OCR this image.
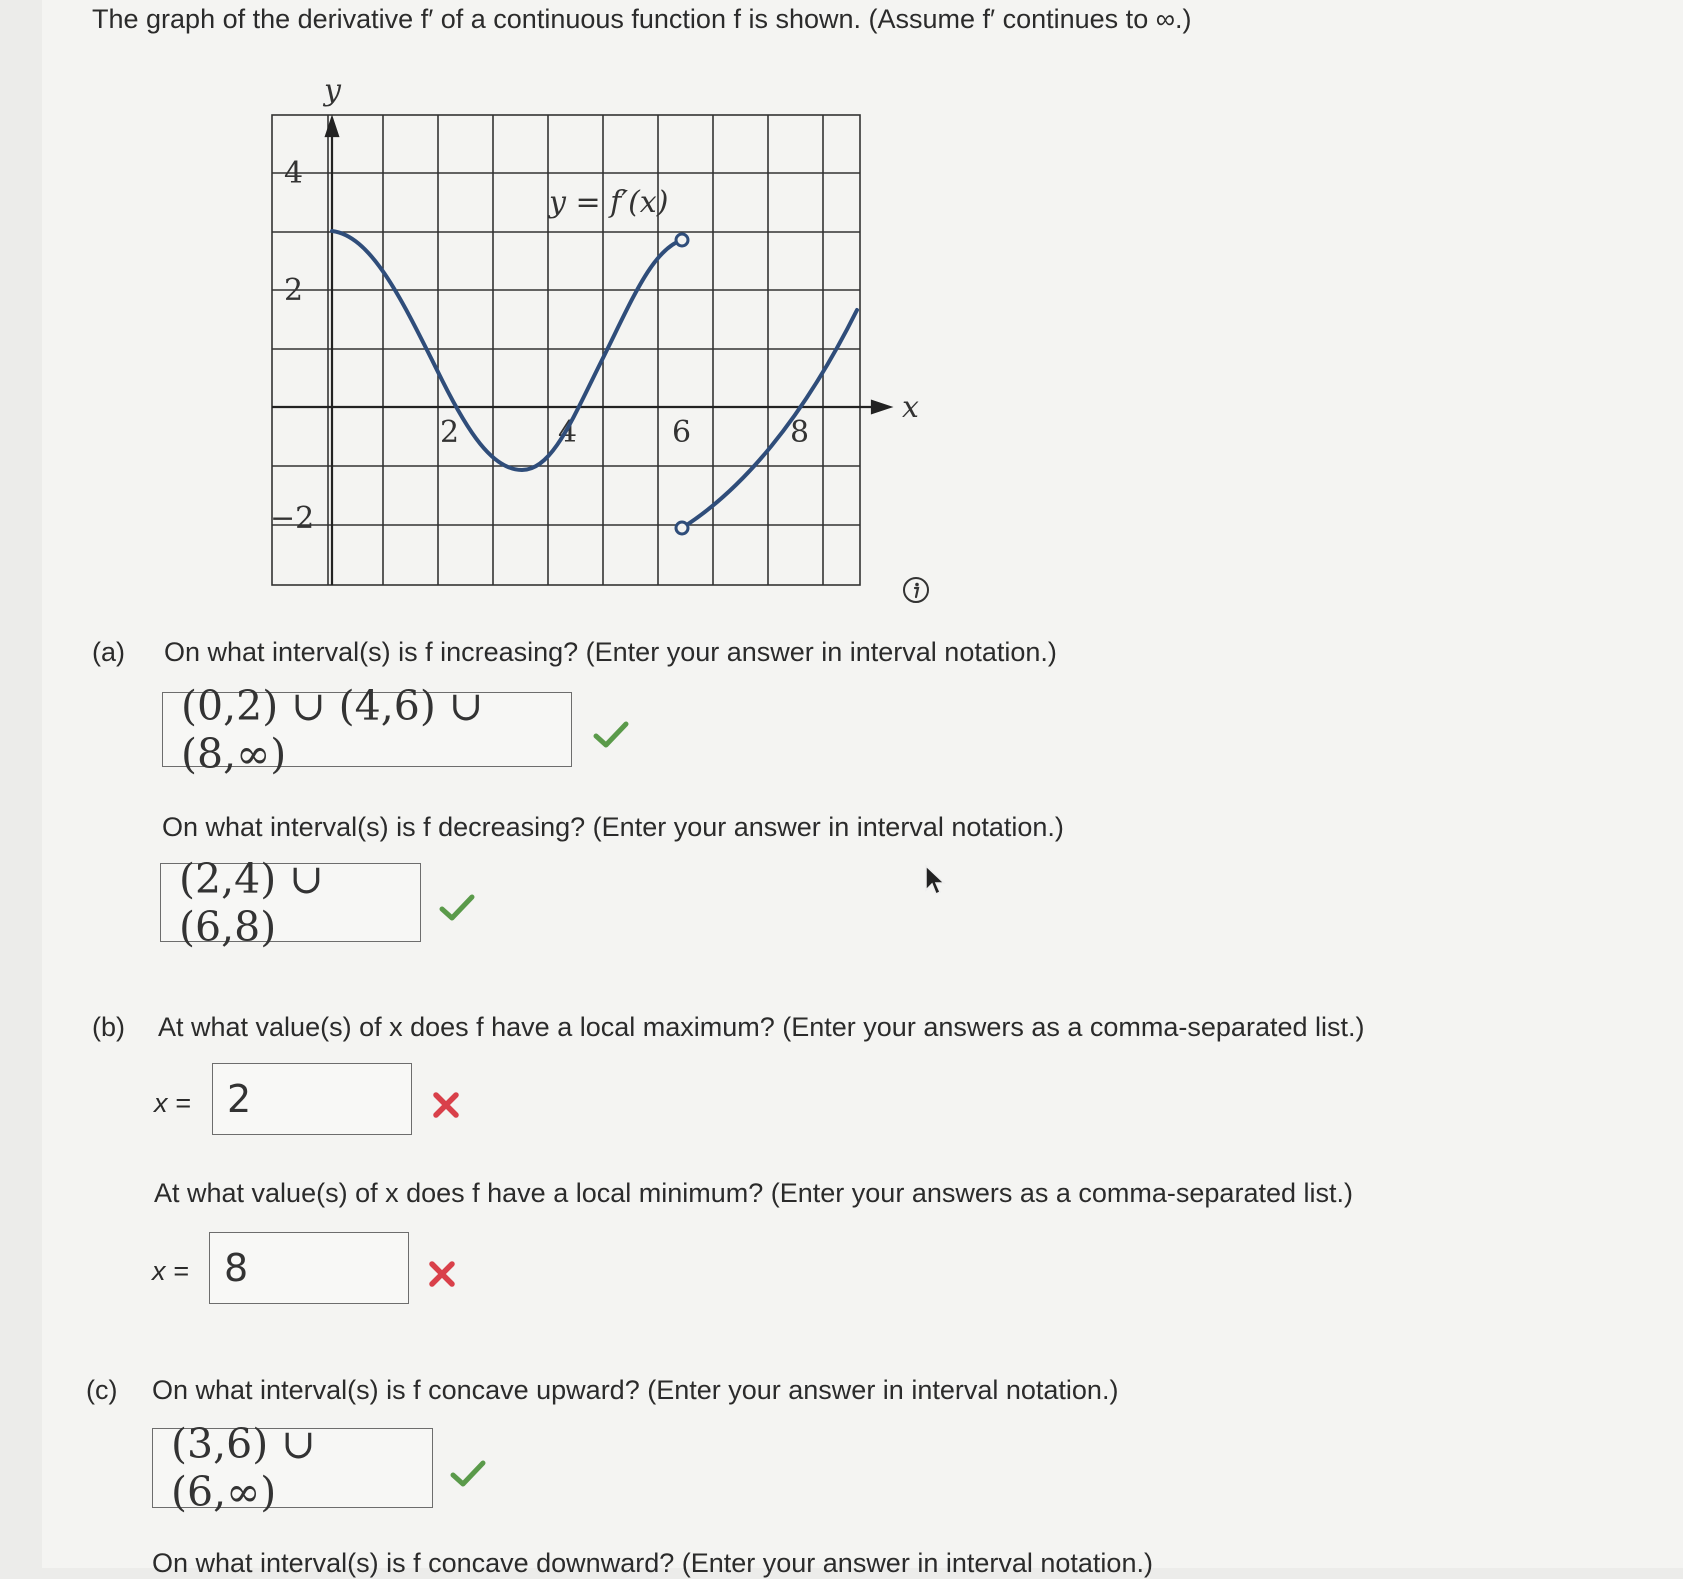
The graph of the derivative f′ of a continuous function f is shown. (Assume f′ continues to ∞.)
y
x
4
2
−2
2	4	6	8
y = f′(x)
(a) On what interval(s) is f increasing? (Enter your answer in interval notation.)
(0,2) ∪ (4,6) ∪ (8,∞)
On what interval(s) is f decreasing? (Enter your answer in interval notation.)
(2,4) ∪ (6,8)
(b) At what value(s) of x does f have a local maximum? (Enter your answers as a comma-separated list.)
x = 2
At what value(s) of x does f have a local minimum? (Enter your answers as a comma-separated list.)
x = 8
(c) On what interval(s) is f concave upward? (Enter your answer in interval notation.)
(3,6) ∪ (6,∞)
On what interval(s) is f concave downward? (Enter your answer in interval notation.)
